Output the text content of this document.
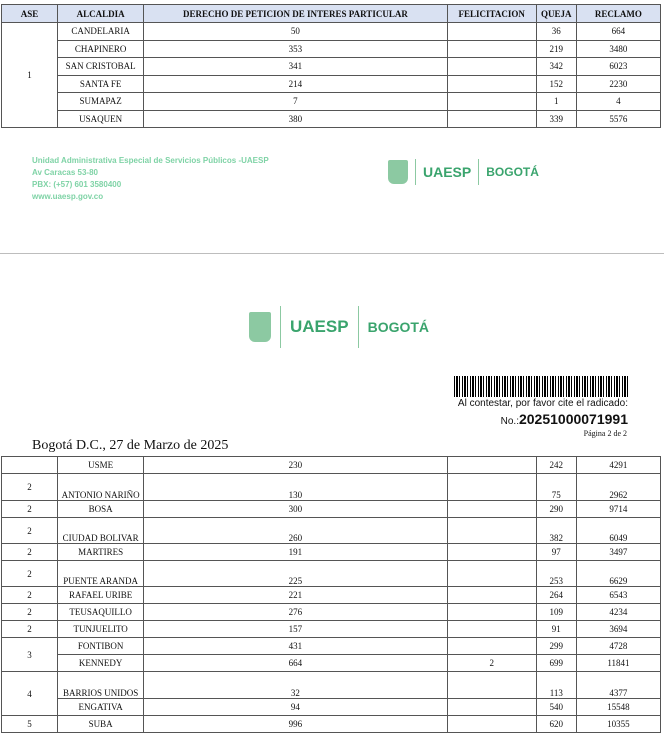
ASE	ALCALDIA	DERECHO DE PETICION DE INTERES PARTICULAR	FELICITACION	QUEJA	RECLAMO
1	CANDELARIA	50		36	664
	CHAPINERO	353		219	3480
	SAN CRISTOBAL	341		342	6023
	SANTA FE	214		152	2230
	SUMAPAZ	7		1	4
	USAQUEN	380		339	5576
Unidad Administrativa Especial de Servicios Públicos -UAESP
Av Caracas 53-80
PBX: (+57) 601 3580400
www.uaesp.gov.co
UAESP BOGOTÁ
UAESP BOGOTÁ
Al contestar, por favor cite el radicado:
No.:20251000071991
Página 2 de 2
Bogotá D.C., 27 de Marzo de 2025
	USME	230		242	4291
2	ANTONIO NARIÑO	130		75	2962
2	BOSA	300		290	9714
2	CIUDAD BOLIVAR	260		382	6049
2	MARTIRES	191		97	3497
2	PUENTE ARANDA	225		253	6629
2	RAFAEL URIBE	221		264	6543
2	TEUSAQUILLO	276		109	4234
2	TUNJUELITO	157		91	3694
3	FONTIBON	431		299	4728
	KENNEDY	664	2	699	11841
4	BARRIOS UNIDOS	32		113	4377
	ENGATIVA	94		540	15548
5	SUBA	996		620	10355
